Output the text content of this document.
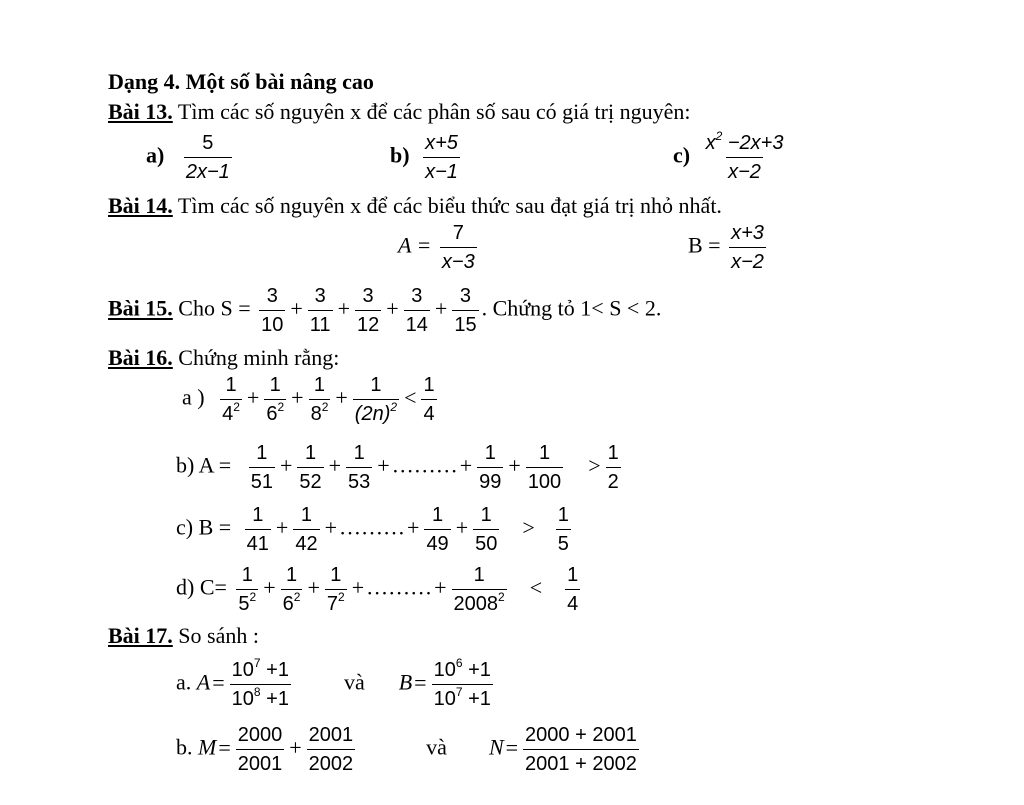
Dạng 4. Một số bài nâng cao
Bài 13. Tìm các số nguyên x để các phân số sau có giá trị nguyên:
$a) \frac{5}{2x-1}$	$b) \frac{x+5}{x-1}$	$c) \frac{x^2 -2x+3}{x-2}$
Bài 14. Tìm các số nguyên x để các biểu thức sau đạt giá trị nhỏ nhất.
$A = \frac{7}{x-3}$	$B = \frac{x+3}{x-2}$
Bài 15. Cho $S = \frac{3}{10} + \frac{3}{11} + \frac{3}{12} + \frac{3}{14} + \frac{3}{15}$ . Chứng tỏ 1< S < 2.
Bài 16. Chứng minh rằng:
a ) $\frac{1}{4^2} + \frac{1}{6^2} + \frac{1}{8^2} + \frac{1}{(2n)^2} < \frac{1}{4}$
b) $A = \frac{1}{51} + \frac{1}{52} + \frac{1}{53}$ +………+ $\frac{1}{99} + \frac{1}{100} > \frac{1}{2}$
c) $B = \frac{1}{41} + \frac{1}{42}$ +………+ $\frac{1}{49} + \frac{1}{50} > \frac{1}{5}$
d) $C= \frac{1}{5^2} + \frac{1}{6^2} + \frac{1}{7^2}$ +………+ $\frac{1}{2008^2} < \frac{1}{4}$
Bài 17. So sánh :
a. $A= \frac{10^7 +1}{10^8 +1}$ và $B= \frac{10^6 +1}{10^7 +1}$
b. $M= \frac{2000}{2001} + \frac{2001}{2002}$	và $N= \frac{2000 + 2001}{2001 + 2002}$
